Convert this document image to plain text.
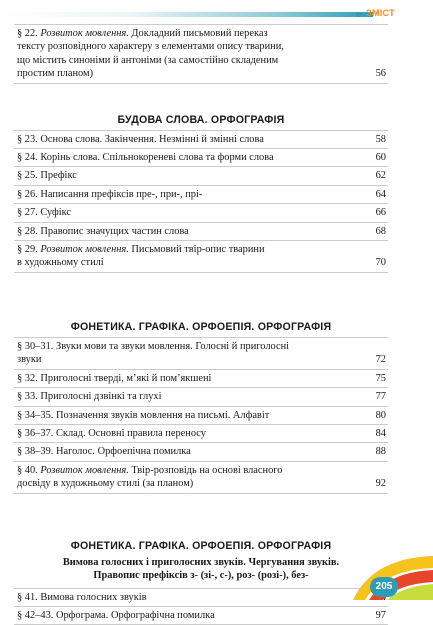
ЗМІСТ
§ 22. Розвиток мовлення. Докладний письмовий переказ
тексту розповідного характеру з елементами опису тварини,
що містить синоніми й антоніми (за самостійно складеним
простим планом)	56
БУДОВА СЛОВА. ОРФОГРАФІЯ
§ 23. Основа слова. Закінчення. Незмінні й змінні слова	58
§ 24. Корінь слова. Спільнокореневі слова та форми слова	60
§ 25. Префікс	62
§ 26. Написання префіксів пре-, при-, прі-	64
§ 27. Суфікс	66
§ 28. Правопис значущих частин слова	68
§ 29. Розвиток мовлення. Письмовий твір-опис тварини
в художньому стилі	70
ФОНЕТИКА. ГРАФІКА. ОРФОЕПІЯ. ОРФОГРАФІЯ
§ 30–31. Звуки мови та звуки мовлення. Голосні й приголосні
звуки	72
§ 32. Приголосні тверді, м’які й пом’якшені	75
§ 33. Приголосні дзвінкі та глухі	77
§ 34–35. Позначення звуків мовлення на письмі. Алфавіт	80
§ 36–37. Склад. Основні правила переносу	84
§ 38–39. Наголос. Орфоепічна помилка	88
§ 40. Розвиток мовлення. Твір-розповідь на основі власного
досвіду в художньому стилі (за планом)	92
ФОНЕТИКА. ГРАФІКА. ОРФОЕПІЯ. ОРФОГРАФІЯ
Вимова голосних і приголосних звуків. Чергування звуків.
Правопис префіксів з- (зі-, с-), роз- (розі-), без-
§ 41. Вимова голосних звуків
§ 42–43. Орфограма. Орфографічна помилка	97
205
